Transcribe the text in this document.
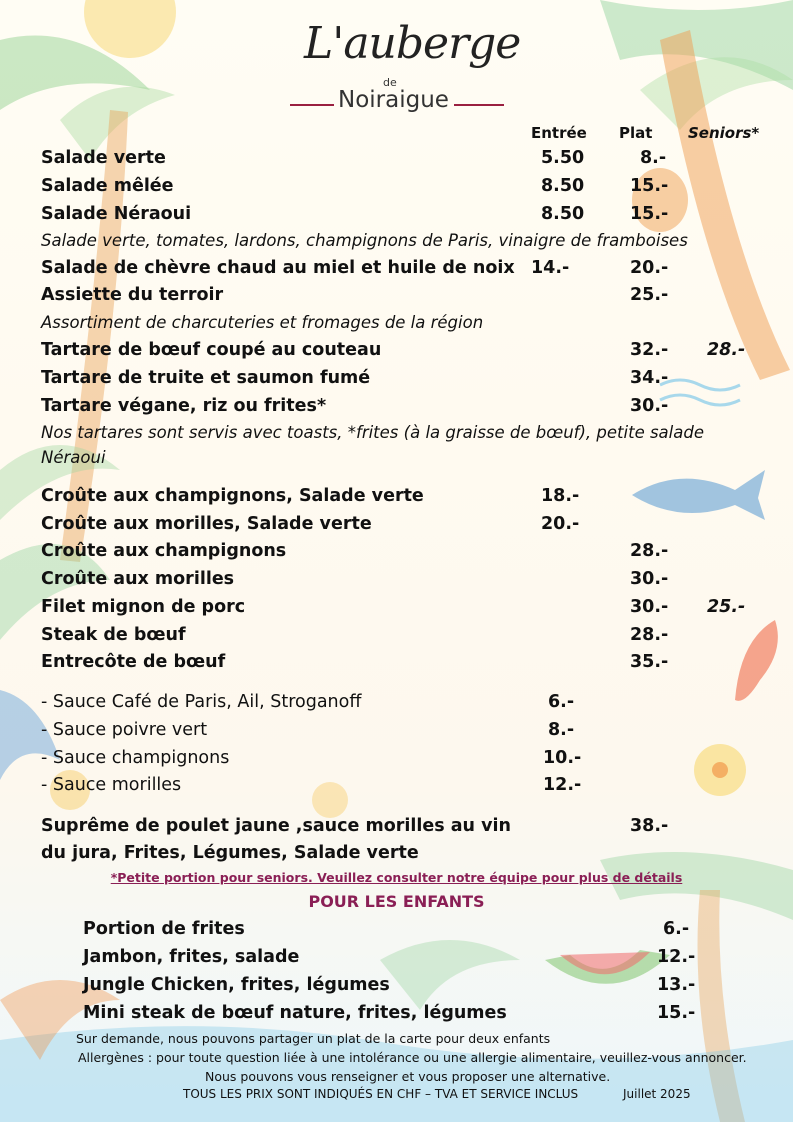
L'auberge
de
Noiraigue
Entrée Plat Seniors*
Salade verte	5.50	8.-
Salade mêlée	8.50	15.-
Salade Néraoui	8.50	15.-
Salade verte, tomates, lardons, champignons de Paris, vinaigre de framboises
Salade de chèvre chaud au miel et huile de noix 14.-	20.-
Assiette du terroir	25.-
Assortiment de charcuteries et fromages de la région
Tartare de bœuf coupé au couteau	32.- 28.-
Tartare de truite et saumon fumé	34.-
Tartare végane, riz ou frites*	30.-
Nos tartares sont servis avec toasts, *frites (à la graisse de bœuf), petite salade
Néraoui
Croûte aux champignons, Salade verte	18.-
Croûte aux morilles, Salade verte	20.-
Croûte aux champignons	28.-
Croûte aux morilles	30.-
Filet mignon de porc	30.- 25.-
Steak de bœuf	28.-
Entrecôte de bœuf	35.-
- Sauce Café de Paris, Ail, Stroganoff	6.-
- Sauce poivre vert	8.-
- Sauce champignons	10.-
- Sauce morilles	12.-
Suprême de poulet jaune ,sauce morilles au vin	38.-
du jura, Frites, Légumes, Salade verte
*Petite portion pour seniors. Veuillez consulter notre équipe pour plus de détails
POUR LES ENFANTS
Portion de frites	6.-
Jambon, frites, salade	12.-
Jungle Chicken, frites, légumes	13.-
Mini steak de bœuf nature, frites, légumes	15.-
Sur demande, nous pouvons partager un plat de la carte pour deux enfants
Allergènes : pour toute question liée à une intolérance ou une allergie alimentaire, veuillez-vous annoncer.
Nous pouvons vous renseigner et vous proposer une alternative.
TOUS LES PRIX SONT INDIQUÉS EN CHF – TVA ET SERVICE INCLUS	Juillet 2025
